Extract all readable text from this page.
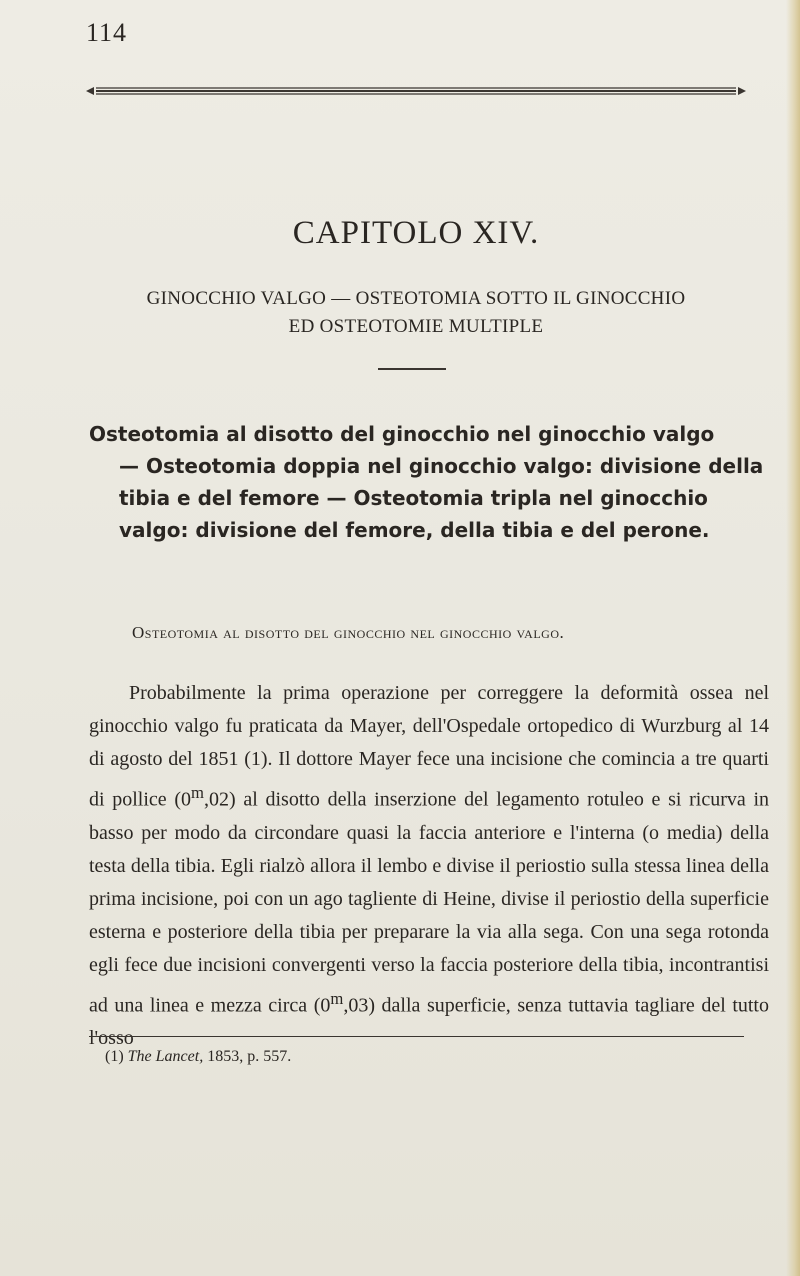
114
CAPITOLO XIV.
GINOCCHIO VALGO — OSTEOTOMIA SOTTO IL GINOCCHIO
ED OSTEOTOMIE MULTIPLE
Osteotomia al disotto del ginocchio nel ginocchio valgo
— Osteotomia doppia nel ginocchio valgo: divisione della tibia e del femore — Osteotomia tripla nel ginocchio valgo: divisione del femore, della tibia e del perone.
Osteotomia al disotto del ginocchio nel ginocchio valgo.
Probabilmente la prima operazione per correggere la deformità ossea nel ginocchio valgo fu praticata da Mayer, dell'Ospedale ortopedico di Wurzburg al 14 di agosto del 1851 (1). Il dottore Mayer fece una incisione che comincia a tre quarti di pollice (0$^m$,02) al disotto della inserzione del legamento rotuleo e si ricurva in basso per modo da circondare quasi la faccia anteriore e l'interna (o media) della testa della tibia. Egli rialzò allora il lembo e divise il periostio sulla stessa linea della prima incisione, poi con un ago tagliente di Heine, divise il periostio della superficie esterna e posteriore della tibia per preparare la via alla sega. Con una sega rotonda egli fece due incisioni convergenti verso la faccia posteriore della tibia, incontrantisi ad una linea e mezza circa (0$^m$,03) dalla superficie, senza tuttavia tagliare del tutto l'osso
(1) The Lancet, 1853, p. 557.
